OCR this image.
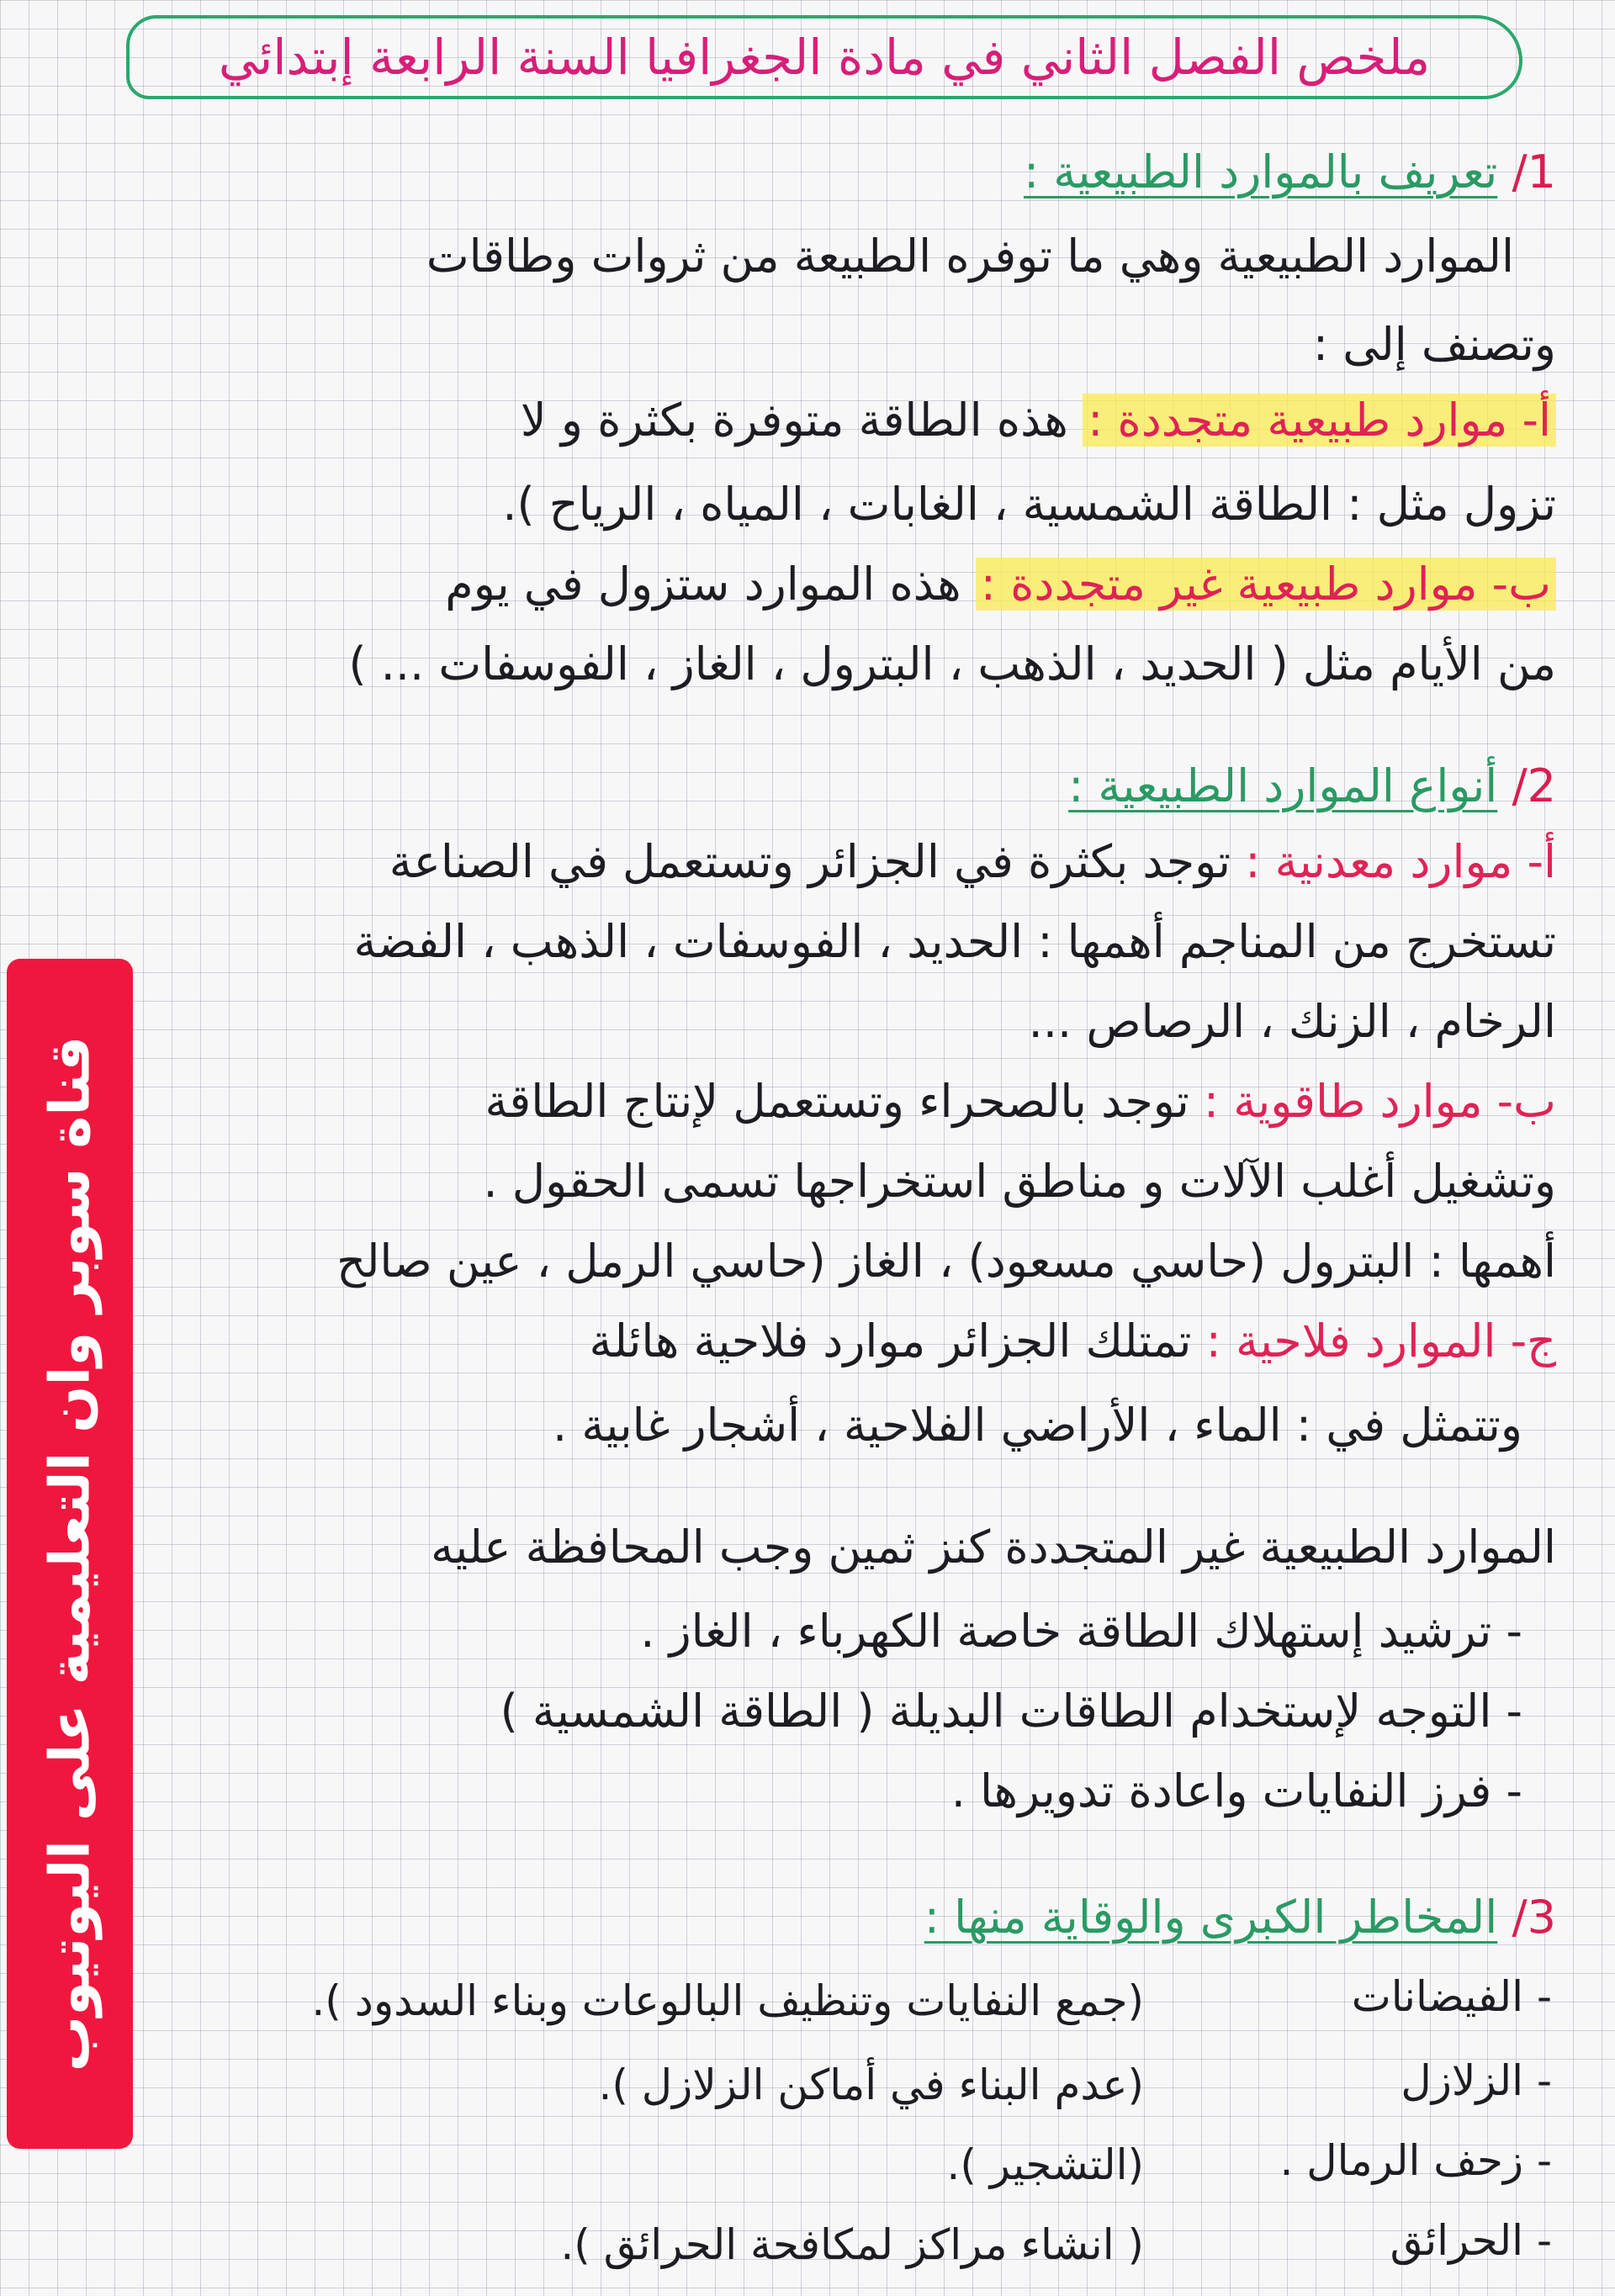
ملخص الفصل الثاني في مادة الجغرافيا السنة الرابعة إبتدائي
1/ تعريف بالموارد الطبيعية :
الموارد الطبيعية وهي ما توفره الطبيعة من ثروات وطاقات
وتصنف إلى :
أ- موارد طبيعية متجددة : هذه الطاقة متوفرة بكثرة و لا
تزول مثل : الطاقة الشمسية ، الغابات ، المياه ، الرياح ).
ب- موارد طبيعية غير متجددة : هذه الموارد ستزول في يوم
من الأيام مثل ( الحديد ، الذهب ، البترول ، الغاز ، الفوسفات ... )
2/ أنواع الموارد الطبيعية :
أ- موارد معدنية : توجد بكثرة في الجزائر وتستعمل في الصناعة
تستخرج من المناجم أهمها : الحديد ، الفوسفات ، الذهب ، الفضة
الرخام ، الزنك ، الرصاص ...
ب- موارد طاقوية : توجد بالصحراء وتستعمل لإنتاج الطاقة
وتشغيل أغلب الآلات و مناطق استخراجها تسمى الحقول .
أهمها : البترول (حاسي مسعود) ، الغاز (حاسي الرمل ، عين صالح
ج- الموارد فلاحية : تمتلك الجزائر موارد فلاحية هائلة
وتتمثل في : الماء ، الأراضي الفلاحية ، أشجار غابية .
الموارد الطبيعية غير المتجددة كنز ثمين وجب المحافظة عليه
- ترشيد إستهلاك الطاقة خاصة الكهرباء ، الغاز .
- التوجه لإستخدام الطاقات البديلة ( الطاقة الشمسية )
- فرز النفايات واعادة تدويرها .
3/ المخاطر الكبرى والوقاية منها :
- الفيضانات
(جمع النفايات وتنظيف البالوعات وبناء السدود ).
- الزلازل
(عدم البناء في أماكن الزلازل ).
- زحف الرمال .
(التشجير ).
- الحرائق
( انشاء مراكز لمكافحة الحرائق ).
قناة سوبر وان التعليمية على اليوتيوب
